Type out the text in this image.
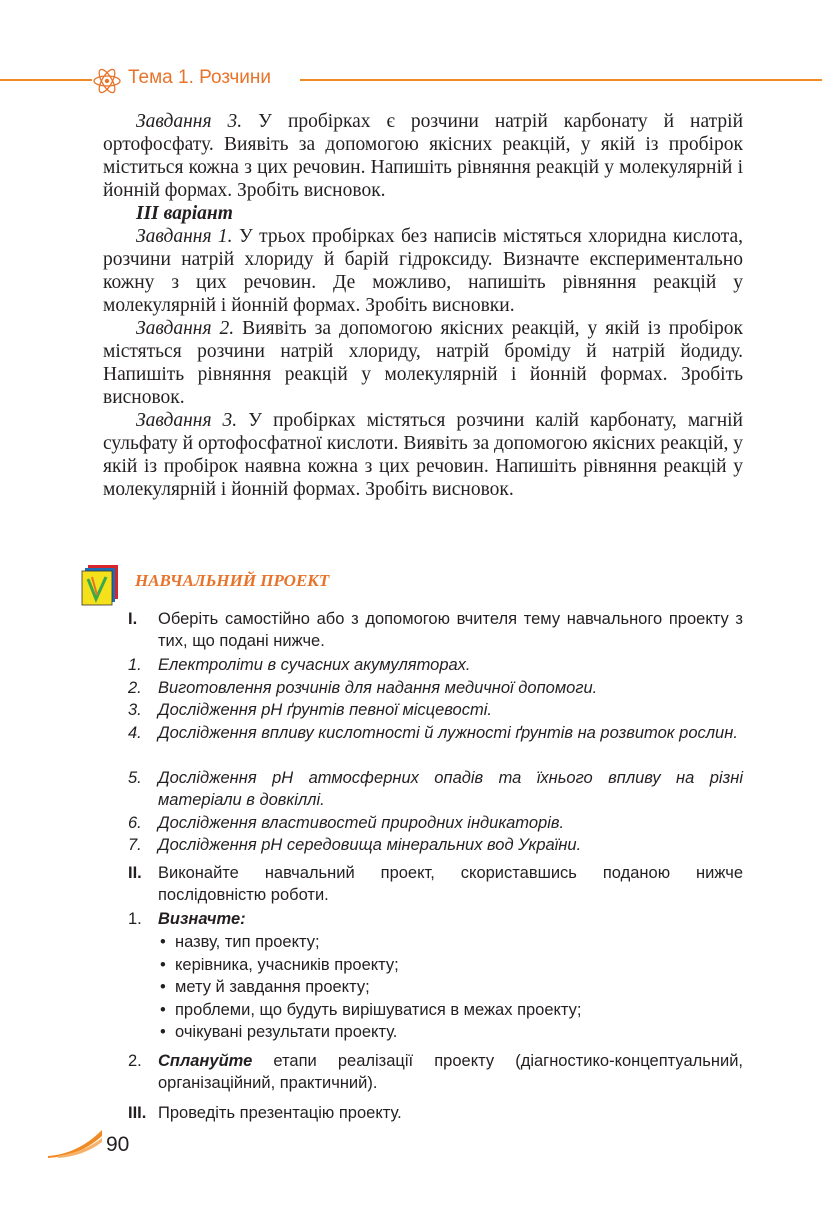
Тема 1. Розчини

Завдання 3. У пробірках є розчини натрій карбонату й натрій ортофосфату. Виявіть за допомогою якісних реакцій, у якій із пробірок міститься кожна з цих речовин. Напишіть рівняння реакцій у молекулярній і йонній формах. Зробіть висновок.

ІІІ варіант

Завдання 1. У трьох пробірках без написів містяться хлоридна кислота, розчини натрій хлориду й барій гідроксиду. Визначте експериментально кожну з цих речовин. Де можливо, напишіть рівняння реакцій у молекулярній і йонній формах. Зробіть висновки.

Завдання 2. Виявіть за допомогою якісних реакцій, у якій із пробірок містяться розчини натрій хлориду, натрій броміду й натрій йодиду. Напишіть рівняння реакцій у молекулярній і йонній формах. Зробіть висновок.

Завдання 3. У пробірках містяться розчини калій карбонату, магній сульфату й ортофосфатної кислоти. Виявіть за допомогою якісних реакцій, у якій із пробірок наявна кожна з цих речовин. Напишіть рівняння реакцій у молекулярній і йонній формах. Зробіть висновок.

НАВЧАЛЬНИЙ ПРОЕКТ
І.	Оберіть самостійно або з допомогою вчителя тему навчального проекту з тих, що подані нижче.
1. Електроліти в сучасних акумуляторах.
2. Виготовлення розчинів для надання медичної допомоги.
3. Дослідження рН ґрунтів певної місцевості.
4. Дослідження впливу кислотності й лужності ґрунтів на розвиток рослин.
5. Дослідження рН атмосферних опадів та їхнього впливу на різні матеріали в довкіллі.
6. Дослідження властивостей природних індикаторів.
7. Дослідження рН середовища мінеральних вод України.
ІІ. Виконайте навчальний проект, скориставшись поданою нижче послідовністю роботи.
1. Визначте:
• назву, тип проекту;
• керівника, учасників проекту;
• мету й завдання проекту;
• проблеми, що будуть вирішуватися в межах проекту;
• очікувані результати проекту.
2. Сплануйте етапи реалізації проекту (діагностико-концептуальний, організаційний, практичний).
ІІІ. Проведіть презентацію проекту.
90
